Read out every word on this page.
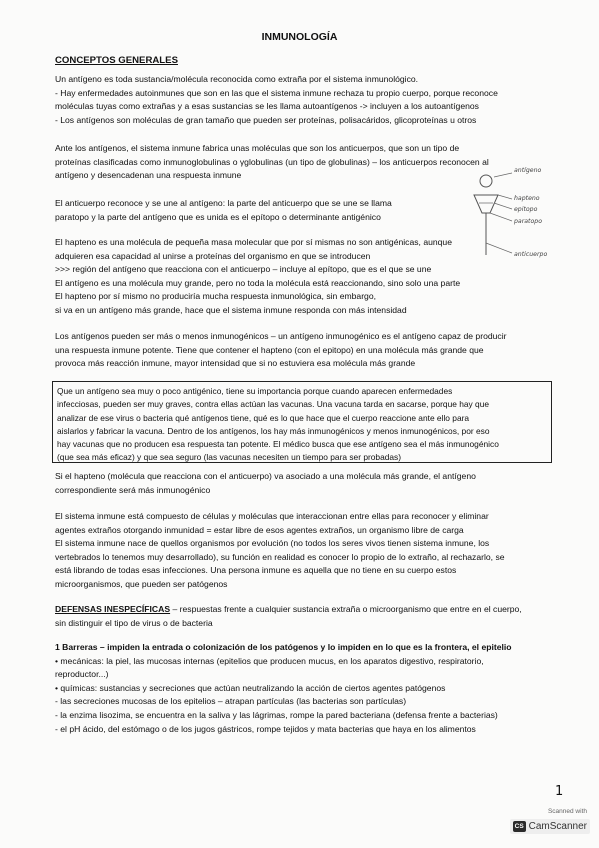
INMUNOLOGÍA
CONCEPTOS GENERALES
Un antígeno es toda sustancia/molécula reconocida como extraña por el sistema inmunológico.
- Hay enfermedades autoinmunes que son en las que el sistema inmune rechaza tu propio cuerpo, porque reconoce
moléculas tuyas como extrañas y a esas sustancias se les llama autoantígenos -> incluyen a los autoantígenos
- Los antígenos son moléculas de gran tamaño que pueden ser proteínas, polisacáridos, glicoproteínas u otros
Ante los antígenos, el sistema inmune fabrica unas moléculas que son los anticuerpos, que son un tipo de
proteínas clasificadas como inmunoglobulinas o γglobulinas (un tipo de globulinas) – los anticuerpos reconocen al
antígeno y desencadenan una respuesta inmune
El anticuerpo reconoce y se une al antígeno: la parte del anticuerpo que se une se llama
paratopo y la parte del antígeno que es unida es el epítopo o determinante antigénico
El hapteno es una molécula de pequeña masa molecular que por sí mismas no son antigénicas, aunque
adquieren esa capacidad al unirse a proteínas del organismo en que se introducen
>>> región del antígeno que reacciona con el anticuerpo – incluye al epítopo, que es el que se une
El antígeno es una molécula muy grande, pero no toda la molécula está reaccionando, sino solo una parte
El hapteno por sí mismo no produciría mucha respuesta inmunológica, sin embargo,
si va en un antígeno más grande, hace que el sistema inmune responda con más intensidad
Los antígenos pueden ser más o menos inmunogénicos – un antígeno inmunogénico es el antígeno capaz de producir
una respuesta inmune potente. Tiene que contener el hapteno (con el epitopo) en una molécula más grande que
provoca más reacción inmune, mayor intensidad que si no estuviera esa molécula más grande
Que un antígeno sea muy o poco antigénico, tiene su importancia porque cuando aparecen enfermedades
infecciosas, pueden ser muy graves, contra ellas actúan las vacunas. Una vacuna tarda en sacarse, porque hay que
analizar de ese virus o bacteria qué antígenos tiene, qué es lo que hace que el cuerpo reaccione ante ello para
aislarlos y fabricar la vacuna. Dentro de los antígenos, los hay más inmunogénicos y menos inmunogénicos, por eso
hay vacunas que no producen esa respuesta tan potente. El médico busca que ese antígeno sea el más inmunogénico
(que sea más eficaz) y que sea seguro (las vacunas necesiten un tiempo para ser probadas)
Si el hapteno (molécula que reacciona con el anticuerpo) va asociado a una molécula más grande, el antígeno
correspondiente será más inmunogénico
El sistema inmune está compuesto de células y moléculas que interaccionan entre ellas para reconocer y eliminar
agentes extraños otorgando inmunidad = estar libre de esos agentes extraños, un organismo libre de carga
El sistema inmune nace de quellos organismos por evolución (no todos los seres vivos tienen sistema inmune, los
vertebrados lo tenemos muy desarrollado), su función en realidad es conocer lo propio de lo extraño, al rechazarlo, se
está librando de todas esas infecciones. Una persona inmune es aquella que no tiene en su cuerpo estos
microorganismos, que pueden ser patógenos
DEFENSAS INESPECÍFICAS – respuestas frente a cualquier sustancia extraña o microorganismo que entre en el cuerpo,
sin distinguir el tipo de virus o de bacteria
1 Barreras – impiden la entrada o colonización de los patógenos y lo impiden en lo que es la frontera, el epitelio
• mecánicas: la piel, las mucosas internas (epitelios que producen mucus, en los aparatos digestivo, respiratorio,
reproductor...)
• químicas: sustancias y secreciones que actúan neutralizando la acción de ciertos agentes patógenos
- las secreciones mucosas de los epitelios – atrapan partículas (las bacterias son partículas)
- la enzima lisozima, se encuentra en la saliva y las lágrimas, rompe la pared bacteriana (defensa frente a bacterias)
- el pH ácido, del estómago o de los jugos gástricos, rompe tejidos y mata bacterias que haya en los alimentos
antígeno
hapteno
epitopo
paratopo
anticuerpo
1
Scanned with
CS CamScanner
